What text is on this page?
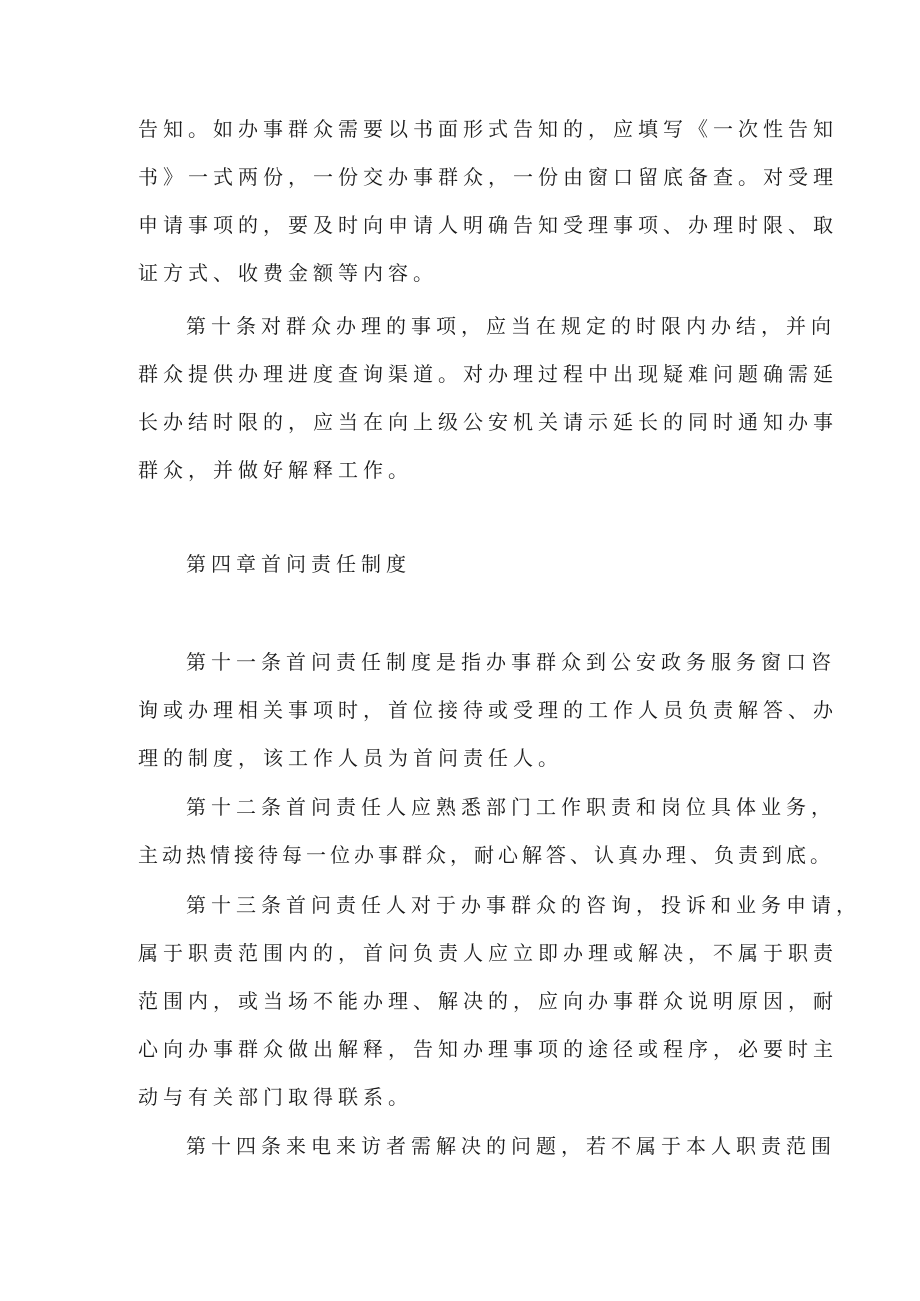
告知。如办事群众需要以书面形式告知的，应填写《一次性告知

书》一式两份，一份交办事群众，一份由窗口留底备查。对受理

申请事项的，要及时向申请人明确告知受理事项、办理时限、取

证方式、收费金额等内容。

第十条对群众办理的事项，应当在规定的时限内办结，并向

群众提供办理进度查询渠道。对办理过程中出现疑难问题确需延

长办结时限的，应当在向上级公安机关请示延长的同时通知办事

群众，并做好解释工作。

第四章首问责任制度

第十一条首问责任制度是指办事群众到公安政务服务窗口咨

询或办理相关事项时，首位接待或受理的工作人员负责解答、办

理的制度，该工作人员为首问责任人。

第十二条首问责任人应熟悉部门工作职责和岗位具体业务，

主动热情接待每一位办事群众，耐心解答、认真办理、负责到底。

第十三条首问责任人对于办事群众的咨询，投诉和业务申请，

属于职责范围内的，首问负责人应立即办理或解决，不属于职责

范围内，或当场不能办理、解决的，应向办事群众说明原因，耐

心向办事群众做出解释，告知办理事项的途径或程序，必要时主

动与有关部门取得联系。

第十四条来电来访者需解决的问题，若不属于本人职责范围
